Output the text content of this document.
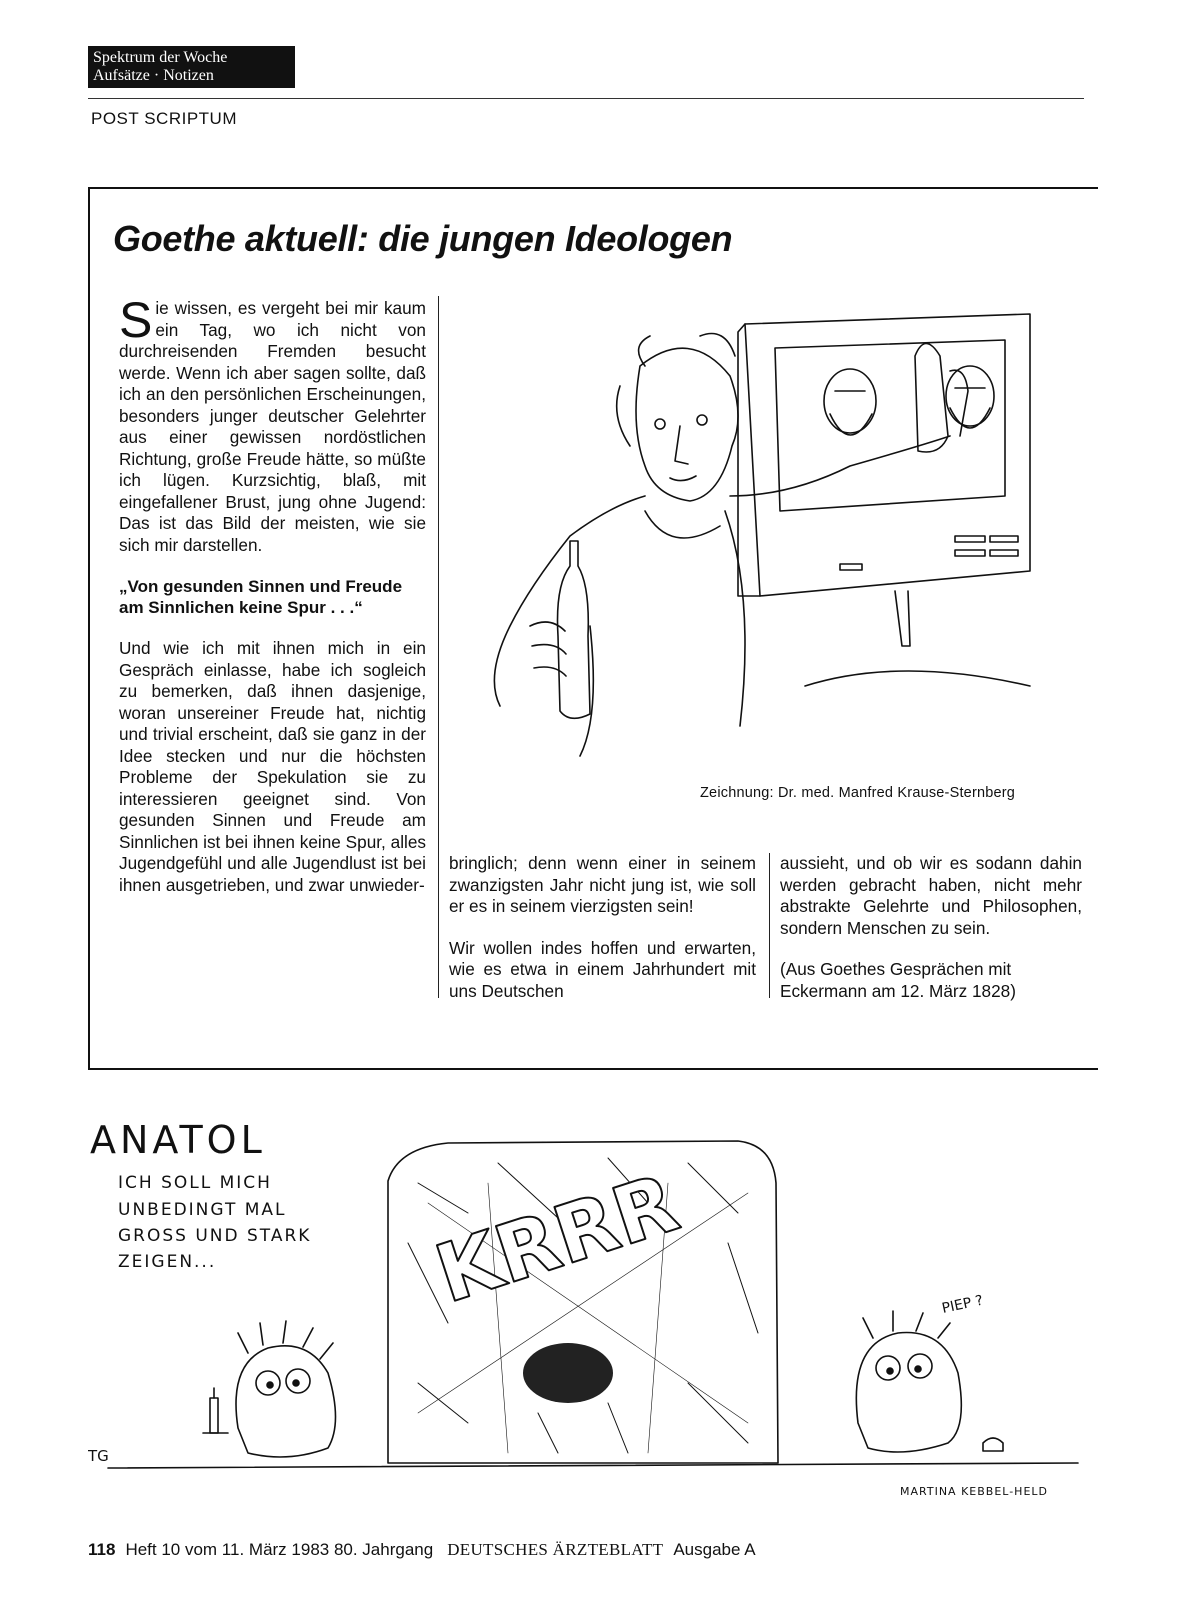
Spektrum der Woche
Aufsätze · Notizen
POST SCRIPTUM
Goethe aktuell: die jungen Ideologen

Sie wissen, es vergeht bei mir kaum ein Tag, wo ich nicht von durchreisenden Fremden besucht werde. Wenn ich aber sagen sollte, daß ich an den persönlichen Erscheinungen, besonders junger deutscher Gelehrter aus einer gewissen nordöstlichen Richtung, große Freude hätte, so müßte ich lügen. Kurzsichtig, blaß, mit eingefallener Brust, jung ohne Jugend: Das ist das Bild der meisten, wie sie sich mir darstellen.

„Von gesunden Sinnen und Freude am Sinnlichen keine Spur . . .“

Und wie ich mit ihnen mich in ein Gespräch einlasse, habe ich sogleich zu bemerken, daß ihnen dasjenige, woran unsereiner Freude hat, nichtig und trivial erscheint, daß sie ganz in der Idee stecken und nur die höchsten Probleme der Spekulation sie zu interessieren geeignet sind. Von gesunden Sinnen und Freude am Sinnlichen ist bei ihnen keine Spur, alles Jugendgefühl und alle Jugendlust ist bei ihnen ausgetrieben, und zwar unwieder-

bringlich; denn wenn einer in seinem zwanzigsten Jahr nicht jung ist, wie soll er es in seinem vierzigsten sein!

Wir wollen indes hoffen und erwarten, wie es etwa in einem Jahrhundert mit uns Deutschen

aussieht, und ob wir es sodann dahin werden gebracht haben, nicht mehr abstrakte Gelehrte und Philosophen, sondern Menschen zu sein.

(Aus Goethes Gesprächen mit Eckermann am 12. März 1828)

Zeichnung: Dr. med. Manfred Krause-Sternberg
ANATOL
ICH SOLL MICH
UNBEDINGT MAL
GROSS UND STARK
ZEIGEN...	KRRR	PIEP ?
TG
MARTINA KEBBEL-HELD
118 Heft 10 vom 11. März 1983 80. Jahrgang DEUTSCHES ÄRZTEBLATT Ausgabe A
